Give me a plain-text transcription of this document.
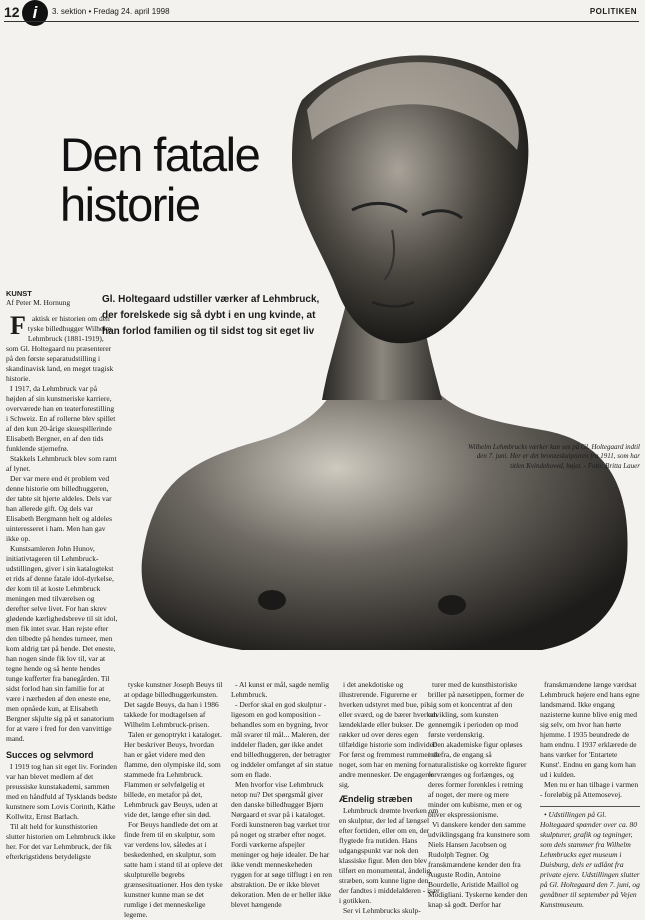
12 i	3. sektion • Fredag 24. april 1998	POLITIKEN
Den fatale
historie
KUNST
Af Peter M. Hornung	Gl. Holtegaard udstiller værker af Lehmbruck, der forelskede sig så dybt i en ung kvinde, at han forlod familien og til sidst tog sit eget liv

Faktisk er historien om den tyske billedhugger Wilhelm Lehmbruck (1881-1919), som Gl. Holtegaard nu præsenterer på den første separatudstilling i skandinavisk land, en meget tragisk historie.

I 1917, da Lehmbruck var på højden af sin kunstneriske karriere, overværede han en teaterforestilling i Schweiz. En af rollerne blev spillet af den kun 20-årige skuespillerinde Elisabeth Bergner, en af den tids funklende stjernefrø.

Stakkels Lehmbruck blev som ramt af lynet.

Der var mere end ét problem ved denne historie om billedhuggeren, der tabte sit hjerte aldeles. Dels var han allerede gift. Og dels var Elisabeth Bergmann helt og aldeles uinteresseret i ham. Men han gav ikke op.

Kunstsamleren John Hunov, initiativtageren til Lehmbruck-udstillingen, giver i sin katalogtekst et rids af denne fatale idol-dyrkelse, der kom til at koste Lehmbruck meningen med tilværelsen og derefter selve livet. For han skrev glødende kærlighedsbreve til sit idol, men fik intet svar. Han rejste efter den tilbedte på hendes turneer, men kom aldrig tæt på hende. Det eneste, han nogen sinde fik lov til, var at tegne hende og så hente hendes tunge kufferter fra banegården. Til sidst forlod han sin familie for at være i nærheden af den eneste ene, men opnåede kun, at Elisabeth Bergner skjulte sig på et sanatorium for at være i fred for den vanvittige mand.

Succes og selvmord

I 1919 tog han sit eget liv. Forinden var han blevet medlem af det preussiske kunstakademi, sammen med en håndfuld af Tysklands bedste kunstnere som Lovis Corinth, Käthe Kollwitz, Ernst Barlach.

Til alt held for kunsthistorien slutter historien om Lehmbruck ikke her. For det var Lehmbruck, der fik efterkrigstidens betydeligste

Wilhelm Lehmbrucks værker kan ses på Gl. Holtegaard indtil den 7. juni. Her er det bronzeskulpturen fra 1911, som har titlen Kvindehoved, bøjet. - Foto: Britta Lauer

tyske kunstner Joseph Beuys til at opdage billedhuggerkunsten. Det sagde Beuys, da han i 1986 takkede for modtagelsen af Wilhelm Lehmbruck-prisen.

Talen er genoptrykt i kataloget. Her beskriver Beuys, hvordan han er gået videre med den flamme, den olympiske ild, som stammede fra Lehmbruck. Flammen er selvfølgelig et billede, en metafor på det, Lehmbruck gav Beuys, uden at vide det, længe efter sin død.

For Beuys handlede det om at finde frem til en skulptur, som var verdens lov, således at i beskedenhed, en skulptur, som satte ham i stand til at opleve det skulpturelle begrebs grænsesituationer. Hos den tyske kunstner kunne man se det rumlige i det menneskelige legeme.

- Al kunst er mål, sagde nemlig Lehmbruck.

- Derfor skal en god skulptur - ligesom en god komposition - behandles som en bygning, hvor mål svarer til mål... Maleren, der inddeler fladen, gør ikke andet end billedhuggeren, der betragter og inddeler omfanget af sin statue som en flade.

Men hvorfor vise Lehmbruck netop nu? Det spørgsmål giver den danske billedhugger Bjørn Nørgaard et svar på i kataloget. Fordi kunstneren bag værket tror på noget og stræber efter noget. Fordi værkerne afspejler meninger og høje idealer. De har ikke vendt menneskeheden ryggen for at søge tilflugt i en ren abstraktion. De er ikke blevet dekoration. Men de er heller ikke blevet hængende

i det anekdotiske og illustrerende. Figurerne er hverken udstyret med bue, pil eller sværd, og de bærer hverken lændeklæde eller bukser. De rækker ud over deres egen tilfældige historie som individer. For først og fremmest rummer de noget, som har en mening for andre mennesker. De engagerer sig.

Ændelig stræben

Lehmbruck drømte hverken om en skulptur, der led af længsel efter fortiden, eller om en, der flygtede fra nutiden. Hans udgangspunkt var nok den klassiske figur. Men den blev tilført en monumental, åndelig stræben, som kunne ligne den, der fandtes i middelalderen - især i gotikken.

Ser vi Lehmbrucks skulp-

turer med de kunsthistoriske briller på næsetippen, former de sig som et koncentrat af den udvikling, som kunsten gennemgik i perioden op mod første verdenskrig.

Den akademiske figur opløses indefra, de engang så naturalistiske og korrekte figurer forvrænges og forlænges, og deres former forenkles i retning af noget, der mere og mere minder om kubisme, men er og bliver ekspressionisme.

Vi danskere kender den samme udviklingsgang fra kunstnere som Niels Hansen Jacobsen og Rudolph Tegner. Og franskmændene kender den fra Auguste Rodin, Antoine Bourdelle, Aristide Maillol og Modigliani. Tyskerne kender den knap så godt. Derfor har

franskmændene længe værdsat Lehmbruck højere end hans egne landsmænd. Ikke engang nazisterne kunne blive enig med sig selv, om hvor han hørte hjemme. I 1935 beundrede de ham endnu. I 1937 erklærede de hans værker for 'Entartete Kunst'. Endnu en gang kom han ud i kulden.

Men nu er han tilbage i varmen - foreløbig på Attemosevej.

• Udstillingen på Gl. Holtegaard spænder over ca. 80 skulpturer, grafik og tegninger, som dels stammer fra Wilhelm Lehmbrucks eget museum i Duisburg, dels er udlånt fra private ejere. Udstillingen slutter på Gl. Holtegaard den 7. juni, og genåbner til september på Vejen Kunstmuseum.
